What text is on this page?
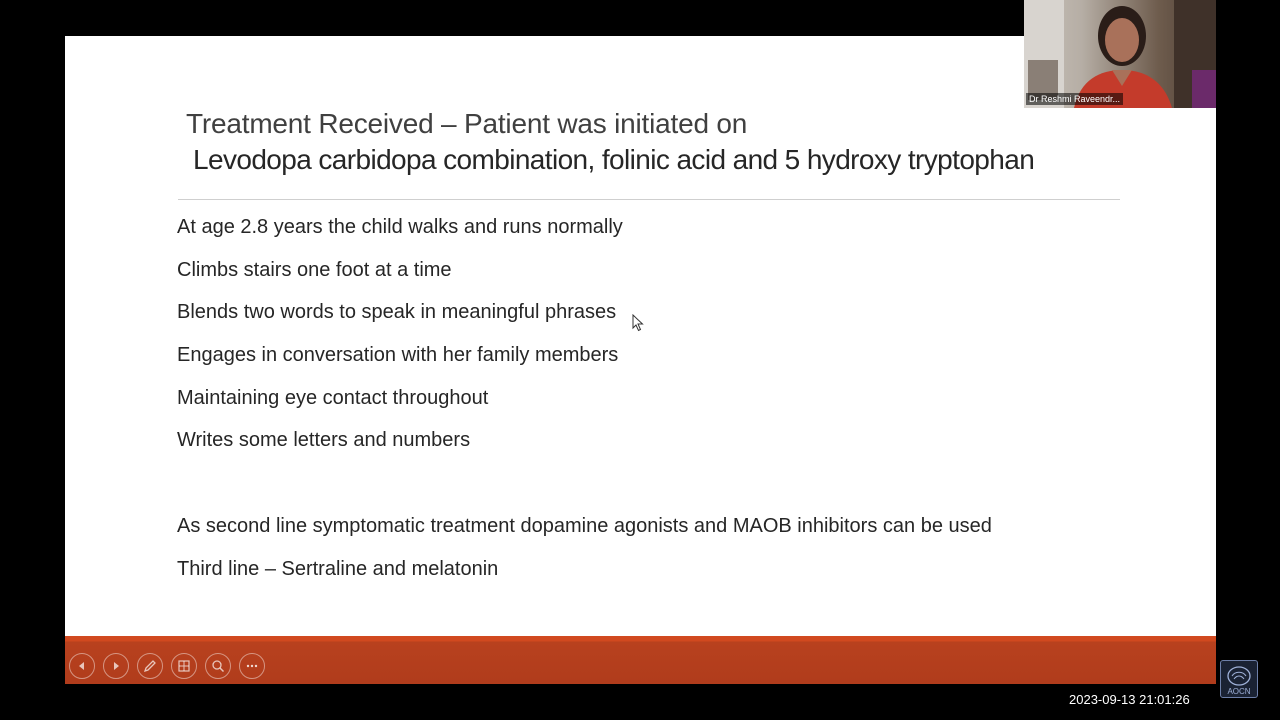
Treatment Received – Patient was initiated on
Levodopa carbidopa combination, folinic acid and 5 hydroxy tryptophan
At age 2.8 years the child walks and runs normally
Climbs stairs one foot at a time
Blends two words to speak in meaningful phrases
Engages in conversation with her family members
Maintaining eye contact throughout
Writes some letters and numbers
As second line symptomatic treatment dopamine agonists and MAOB inhibitors can be used
Third line – Sertraline and melatonin
Dr Reshmi Raveendr...
2023-09-13 21:01:26
AOCN
